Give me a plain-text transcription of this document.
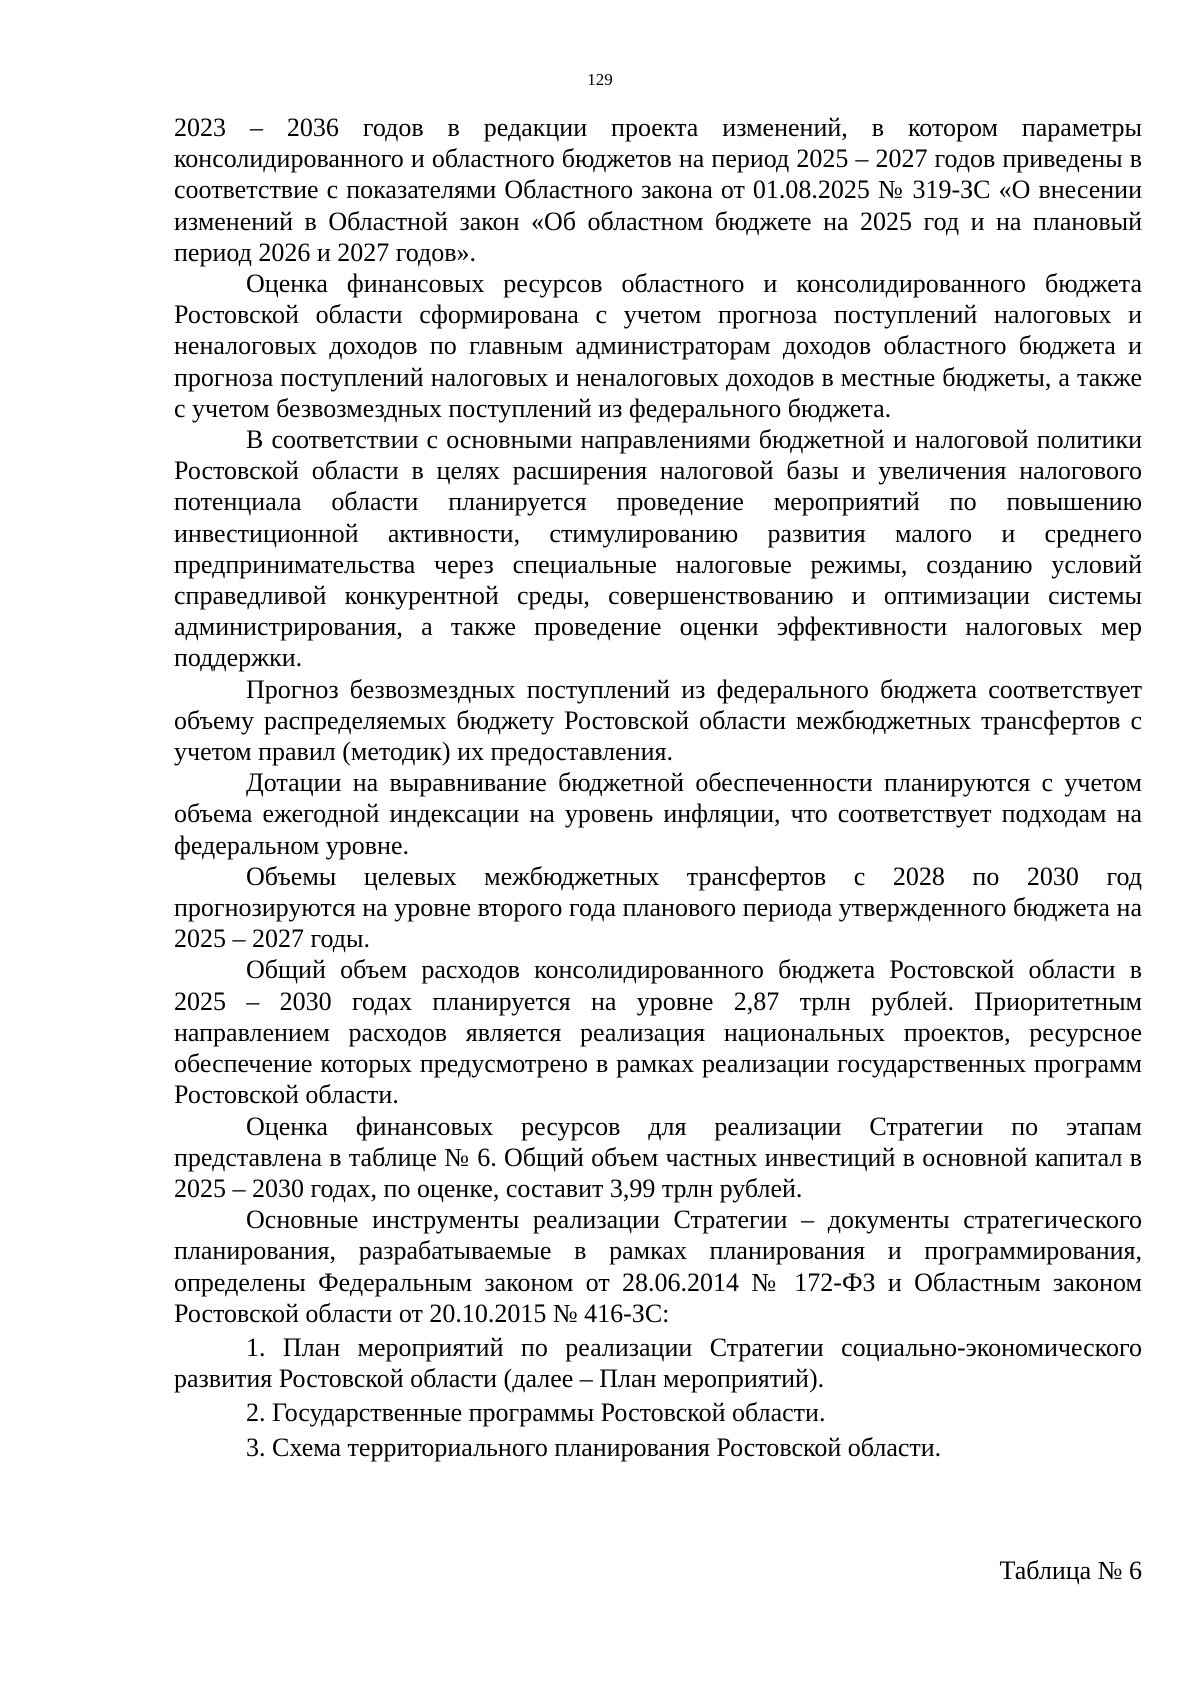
129

2023 – 2036 годов в редакции проекта изменений, в котором параметры консолидированного и областного бюджетов на период 2025 – 2027 годов приведены в соответствие с показателями Областного закона от 01.08.2025 № 319-ЗС «О внесении изменений в Областной закон «Об областном бюджете на 2025 год и на плановый период 2026 и 2027 годов».

Оценка финансовых ресурсов областного и консолидированного бюджета Ростовской области сформирована с учетом прогноза поступлений налоговых и неналоговых доходов по главным администраторам доходов областного бюджета и прогноза поступлений налоговых и неналоговых доходов в местные бюджеты, а также с учетом безвозмездных поступлений из федерального бюджета.

В соответствии с основными направлениями бюджетной и налоговой политики Ростовской области в целях расширения налоговой базы и увеличения налогового потенциала области планируется проведение мероприятий по повышению инвестиционной активности, стимулированию развития малого и среднего предпринимательства через специальные налоговые режимы, созданию условий справедливой конкурентной среды, совершенствованию и оптимизации системы администрирования, а также проведение оценки эффективности налоговых мер поддержки.

Прогноз безвозмездных поступлений из федерального бюджета соответствует объему распределяемых бюджету Ростовской области межбюджетных трансфертов с учетом правил (методик) их предоставления.

Дотации на выравнивание бюджетной обеспеченности планируются с учетом объема ежегодной индексации на уровень инфляции, что соответствует подходам на федеральном уровне.

Объемы целевых межбюджетных трансфертов с 2028 по 2030 год прогнозируются на уровне второго года планового периода утвержденного бюджета на 2025 – 2027 годы.

Общий объем расходов консолидированного бюджета Ростовской области в 2025 – 2030 годах планируется на уровне 2,87 трлн рублей. Приоритетным направлением расходов является реализация национальных проектов, ресурсное обеспечение которых предусмотрено в рамках реализации государственных программ Ростовской области.

Оценка финансовых ресурсов для реализации Стратегии по этапам представлена в таблице № 6. Общий объем частных инвестиций в основной капитал в 2025 – 2030 годах, по оценке, составит 3,99 трлн рублей.

Основные инструменты реализации Стратегии – документы стратегического планирования, разрабатываемые в рамках планирования и программирования, определены Федеральным законом от 28.06.2014 № 172-ФЗ и Областным законом Ростовской области от 20.10.2015 № 416-ЗС:

1. План мероприятий по реализации Стратегии социально-экономического развития Ростовской области (далее – План мероприятий).

2. Государственные программы Ростовской области.

3. Схема территориального планирования Ростовской области.

Таблица № 6
